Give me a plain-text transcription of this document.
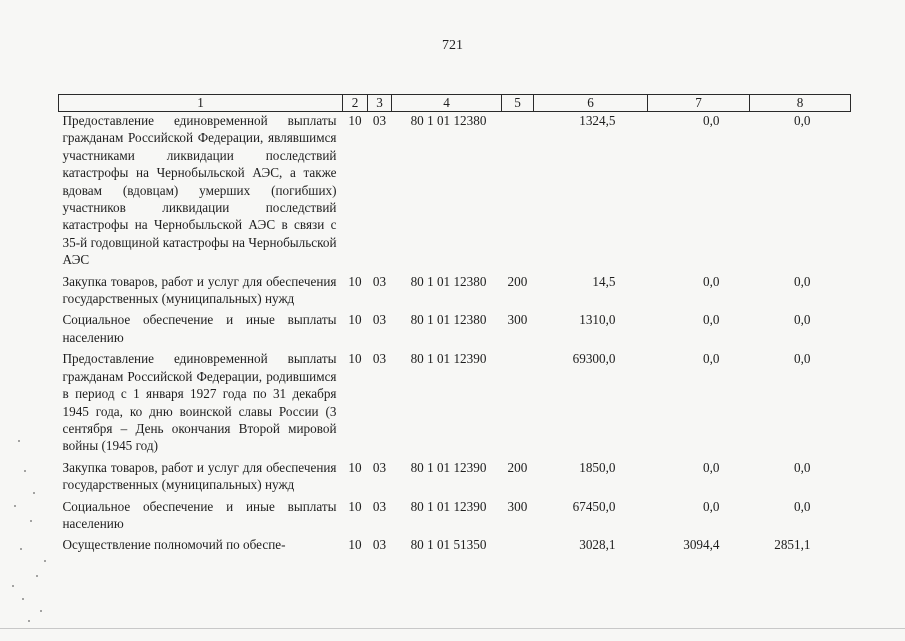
721
1	2	3	4	5	6	7	8
Предоставление единовременной выплаты гражданам Российской Федерации, являвшимся участниками ликвидации последствий катастрофы на Чернобыльской АЭС, а также вдовам (вдовцам) умерших (погибших) участников ликвидации последствий катастрофы на Чернобыльской АЭС в связи с 35-й годовщиной катастрофы на Чернобыльской АЭС	10	03	80 1 01 12380		1324,5	0,0	0,0

Закупка товаров, работ и услуг для обеспечения государственных (муниципальных) нужд	10	03	80 1 01 12380	200	14,5	0,0	0,0

Социальное обеспечение и иные выплаты населению	10	03	80 1 01 12380	300	1310,0	0,0	0,0

Предоставление единовременной выплаты гражданам Российской Федерации, родившимся в период с 1 января 1927 года по 31 декабря 1945 года, ко дню воинской славы России (3 сентября – День окончания Второй мировой войны (1945 год)	10	03	80 1 01 12390		69300,0	0,0	0,0

Закупка товаров, работ и услуг для обеспечения государственных (муниципальных) нужд	10	03	80 1 01 12390	200	1850,0	0,0	0,0

Социальное обеспечение и иные выплаты населению	10	03	80 1 01 12390	300	67450,0	0,0	0,0

Осуществление полномочий по обеспе-	10	03	80 1 01 51350		3028,1	3094,4	2851,1
